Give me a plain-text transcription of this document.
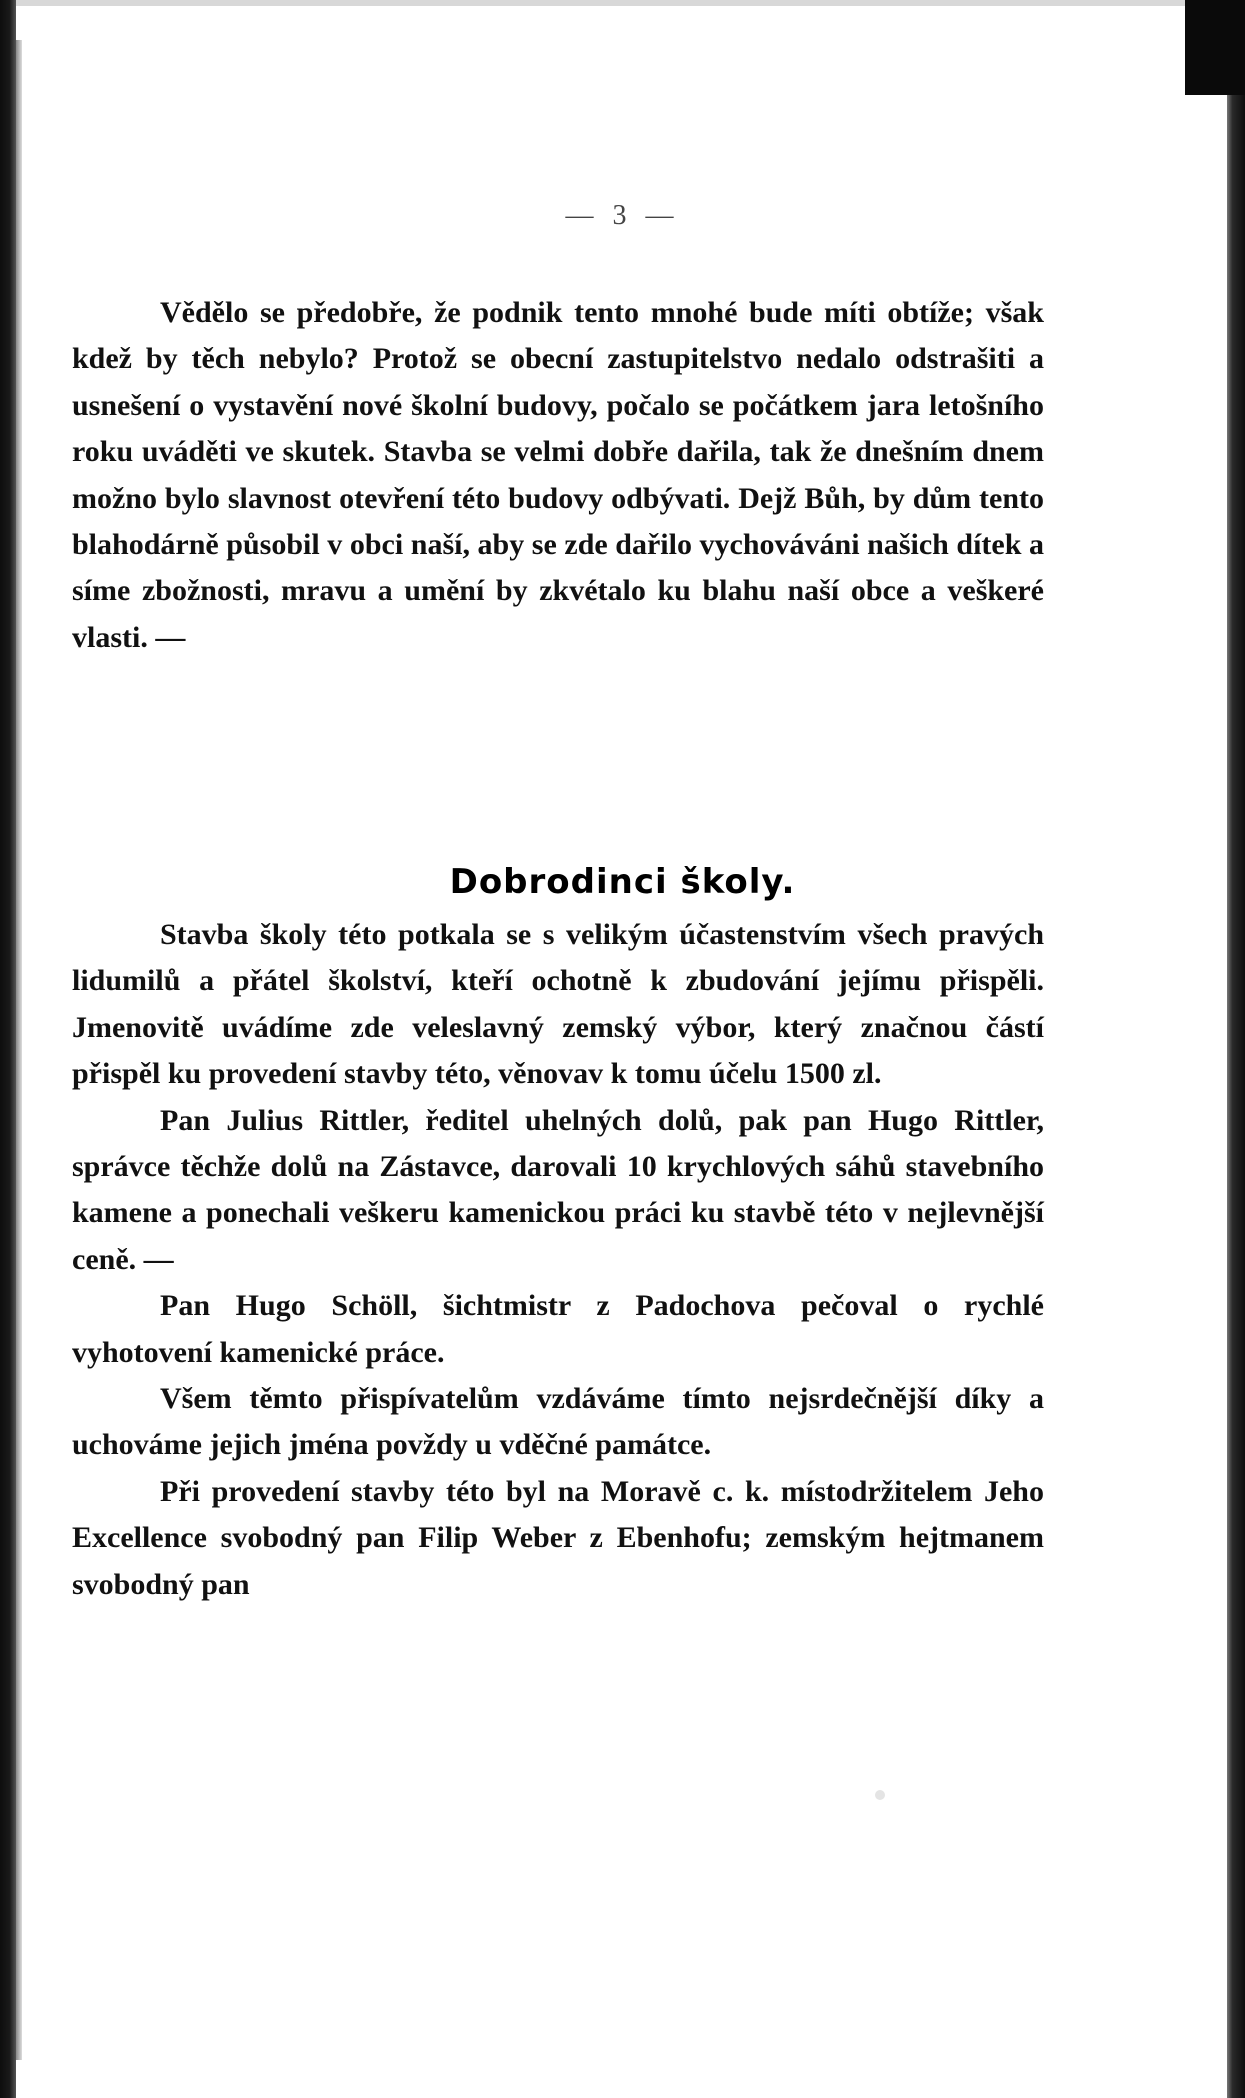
— 3 —

Vědělo se předobře, že podnik tento mnohé bude míti obtíže; však kdež by těch nebylo? Protož se obecní zastupitelstvo nedalo odstrašiti a usnešení o vystavění nové školní budovy, počalo se počátkem jara letošního roku uváděti ve skutek. Stavba se velmi dobře dařila, tak že dnešním dnem možno bylo slavnost otevření této budovy odbývati. Dejž Bůh, by dům tento blahodárně působil v obci naší, aby se zde dařilo vychováváni našich dítek a síme zbožnosti, mravu a umění by zkvétalo ku blahu naší obce a veškeré vlasti. —

Dobrodinci školy.

Stavba školy této potkala se s velikým účastenstvím všech pravých lidumilů a přátel školství, kteří ochotně k zbudování jejímu přispěli. Jmenovitě uvádíme zde veleslavný zemský výbor, který značnou částí přispěl ku provedení stavby této, věnovav k tomu účelu 1500 zl.

Pan Julius Rittler, ředitel uhelných dolů, pak pan Hugo Rittler, správce těchže dolů na Zástavce, darovali 10 krychlových sáhů stavebního kamene a ponechali veškeru kamenickou práci ku stavbě této v nejlevnější ceně. —

Pan Hugo Schöll, šichtmistr z Padochova pečoval o rychlé vyhotovení kamenické práce.

Všem těmto přispívatelům vzdáváme tímto nejsrdečnější díky a uchováme jejich jména povždy u vděčné památce.

Při provedení stavby této byl na Moravě c. k. místodržitelem Jeho Excellence svobodný pan Filip Weber z Ebenhofu; zemským hejtmanem svobodný pan
